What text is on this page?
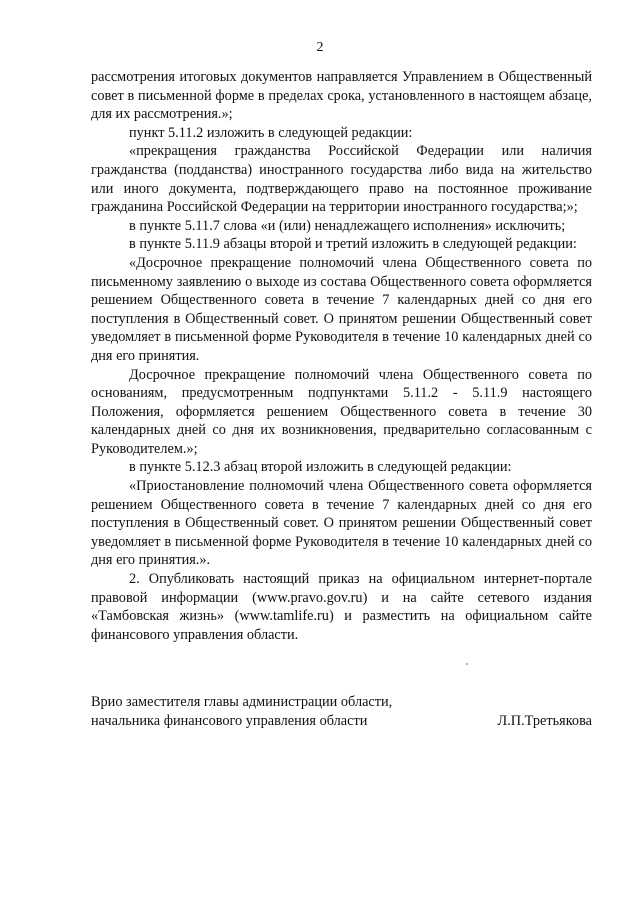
2

рассмотрения итоговых документов направляется Управлением в Общественный совет в письменной форме в пределах срока, установленного в настоящем абзаце, для их рассмотрения.»;

пункт 5.11.2 изложить в следующей редакции:

«прекращения гражданства Российской Федерации или наличия гражданства (подданства) иностранного государства либо вида на жительство или иного документа, подтверждающего право на постоянное проживание гражданина Российской Федерации на территории иностранного государства;»;

в пункте 5.11.7 слова «и (или) ненадлежащего исполнения» исключить;

в пункте 5.11.9 абзацы второй и третий изложить в следующей редакции:

«Досрочное прекращение полномочий члена Общественного совета по письменному заявлению о выходе из состава Общественного совета оформляется решением Общественного совета в течение 7 календарных дней со дня его поступления в Общественный совет. О принятом решении Общественный совет уведомляет в письменной форме Руководителя в течение 10 календарных дней со дня его принятия.

Досрочное прекращение полномочий члена Общественного совета по основаниям, предусмотренным подпунктами 5.11.2 - 5.11.9 настоящего Положения, оформляется решением Общественного совета в течение 30 календарных дней со дня их возникновения, предварительно согласованным с Руководителем.»;

в пункте 5.12.3 абзац второй изложить в следующей редакции:

«Приостановление полномочий члена Общественного совета оформляется решением Общественного совета в течение 7 календарных дней со дня его поступления в Общественный совет. О принятом решении Общественный совет уведомляет в письменной форме Руководителя в течение 10 календарных дней со дня его принятия.».

2. Опубликовать настоящий приказ на официальном интернет-портале правовой информации (www.pravo.gov.ru) и на сайте сетевого издания «Тамбовская жизнь» (www.tamlife.ru) и разместить на официальном сайте финансового управления области.

Врио заместителя главы администрации области,
начальника финансового управления области	Л.П.Третьякова
